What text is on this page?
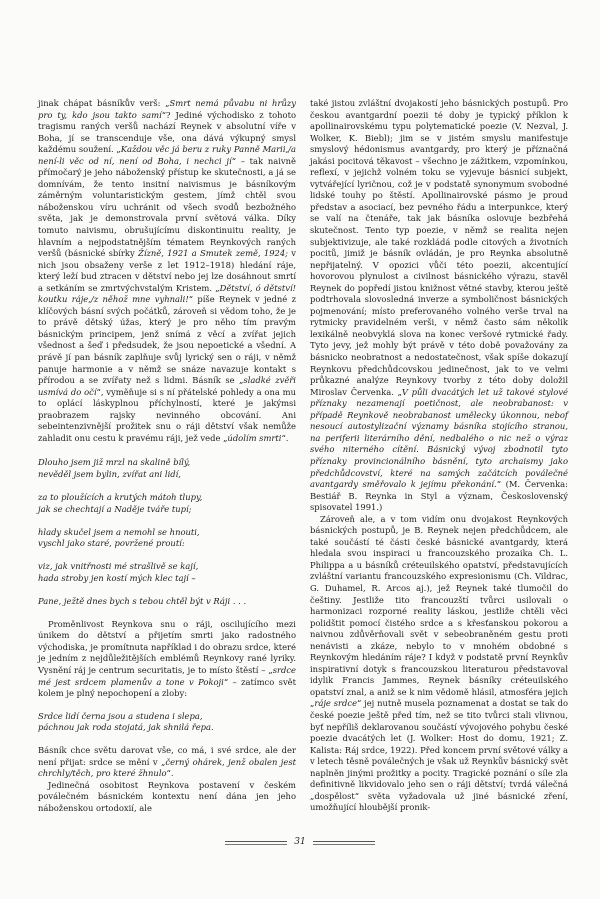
jinak chápat básníkův verš: „Smrt nemá půvabu ni hrůzy pro ty, kdo jsou takto samí“? Jediné východisko z tohoto tragismu raných veršů nachází Reynek v absolutní víře v Boha, jí se transcenduje vše, ona dává výkupný smysl každému soužení. „Každou věc já beru z ruky Panně Marii,/a není-li věc od ní, není od Boha, i nechci jí“ – tak naivně přímočarý je jeho náboženský přístup ke skutečnosti, a já se domnívám, že tento insitní naivismus je básníkovým záměrným voluntaristickým gestem, jímž chtěl svou náboženskou víru uchránit od všech svodů bezbožného světa, jak je demonstrovala první světová válka. Díky tomuto naivismu, obrušujícímu diskontinuitu reality, je hlavním a nejpodstatnějším tématem Reynkových raných veršů (básnické sbírky Žízně, 1921 a Smutek země, 1924; v nich jsou obsaženy verše z let 1912–1918) hledání ráje, který leží bud ztracen v dětství nebo jej lze dosáhnout smrtí a setkáním se zmrtvýchvstalým Kristem. „Dětství, ó dětství! koutku ráje,/z něhož mne vyhnali!“ píše Reynek v jedné z klíčových básní svých počátků, zároveň si vědom toho, že je to právě dětský úžas, který je pro něho tím pravým básnickým principem, jenž snímá z věcí a zvířat jejich všednost a šeď i předsudek, že jsou nepoetické a všední. A právě jí pan básník zaplňuje svůj lyrický sen o ráji, v němž panuje harmonie a v němž se snáze navazuje kontakt s přírodou a se zvířaty než s lidmi. Básník se „sladké zvěři usmívá do očí“, vyměňuje si s ní přátelské pohledy a ona mu to oplácí láskyplnou příchylností, které je jakýmsi praobrazem rajsky nevinného obcování. Ani sebeintenzivnější prožitek snu o ráji dětství však nemůže zahladit onu cestu k pravému ráji, jež vede „údolím smrti“.

Dlouho jsem již mrzl na skalině bílý,
nevěděl jsem bylin, zvířat ani lidí,
za to ploužících a krutých mátoh tlupy,
jak se chechtají a Naděje tváře tupí;
hlady skučel jsem a nemohl se hnouti,
vyschl jako staré, povržené proutí:
viz, jak vnitřnosti mé strašlivě se kají,
hada stroby jen kostí mých klec tají –
Pane, ježtě dnes bych s tebou chtěl být v Ráji . . .

Proměnlivost Reynkova snu o ráji, oscilujícího mezi únikem do dětství a přijetím smrti jako radostného východiska, je promítnuta například i do obrazu srdce, které je jedním z nejdůležitějších emblémů Reynkovy rané lyriky. Vysnění ráj je centrum securitatis, je to místo štěstí – „srdce mé jest srdcem plamenův a tone v Pokoji“ – zatímco svět kolem je plný nepochopení a zloby:

Srdce lidí černa jsou a studena i slepa,
páchnou jak roda stojatá, jak shnilá řepa.

Básník chce světu darovat vše, co má, i své srdce, ale der není přijat: srdce se mění v „černý ohárek, jenž obalen jest chrchly/těch, pro které žhnulo“.

Jedinečná osobitost Reynkova postavení v českém poválečném básnickém kontextu není dána jen jeho náboženskou ortodoxií, ale

také jistou zvláštní dvojakostí jeho básnických postupů. Pro českou avantgardní poezii té doby je typický příklon k apollinairovskému typu polytematické poezie (V. Nezval, J. Wolker, K. Biebl); jim se v jistém smyslu manifestuje smyslový hédonismus avantgardy, pro který je příznačná jakási pocitová těkavost – všechno je zážitkem, vzpomínkou, reflexí, v jejichž volném toku se vyjevuje básnicí subjekt, vytvářející lyričnou, což je v podstatě synonymum svobodné lidské touhy po štěstí. Apollinairovské pásmo je proud představ a asociací, bez pevného řádu a interpunkce, který se valí na čtenáře, tak jak básníka oslovuje bezbřehá skutečnost. Tento typ poezie, v němž se realita nejen subjektivizuje, ale také rozkládá podle citových a životních pocitů, jimiž je básník ovládán, je pro Reynka absolutně nepřijatelný. V opozici vůči této poezii, akcentující hovorovou plynulost a civilnost básnického výrazu, stavěl Reynek do popředí jistou knižnost větné stavby, kterou ještě podtrhovala slovosledná inverze a symboličnost básnických pojmenování; místo preferovaného volného verše trval na rytmicky pravidelném verši, v němž často sám několik lexikálně neobvyklá slova na konec veršové rytmické řady. Tyto jevy, jež mohly být právě v této době považovány za básnicko neobratnost a nedostatečnost, však spíše dokazují Reynkovu předchůdcovskou jedinečnost, jak to ve velmi průkazné analýze Reynkovy tvorby z této doby doložil Miroslav Červenka. „V půli dvacátých let už takové stylové příznaky nezamenají poetičnost, ale neobrabanost: v případě Reynkově neobrabanost umělecky úkonnou, nebof nesoucí autostylizační významy básníka stojícího stranou, na periferii literárního dění, nedbalého o nic než o výraz svého niterného cítění. Básnický vývoj zbodnotil tyto příznaky provincionálního básnění, tyto archaismy jako předchůdcovství, které na samých začátcích poválečné avantgardy směřovalo k jejímu překonání.“ (M. Červenka: Bestiář B. Reynka in Styl a význam, Československý spisovatel 1991.)

Zároveň ale, a v tom vidím onu dvojakost Reynkových básnických postupů, je B. Reynek nejen předchůdcem, ale také součástí té části české básnické avantgardy, která hledala svou inspiraci u francouzského prozaika Ch. L. Philippa a u básníků créteuilského opatství, představujících zvláštní variantu francouzského expresionismu (Ch. Vildrac, G. Duhamel, R. Arcos aj.), jež Reynek také tlumočil do češtiny. Jestliže tito francouzští tvůrci usilovali o harmonizaci rozporné reality láskou, jestliže chtěli věci polidštit pomocí čistého srdce a s křesťanskou pokorou a naivnou zdůvěrňovali svět v sebeobraněném gestu proti nenávisti a zkáze, nebylo to v mnohém obdobné s Reynkovým hledáním ráje? I když v podstatě první Reynkův inspirativní dotyk s francouzskou literaturou představoval idylik Francis Jammes, Reynek básníky créteuilského opatství znal, a aniž se k nim vědomě hlásil, atmosféra jejich „ráje srdce“ jej nutně musela poznamenat a dostat se tak do české poezie ještě před tím, než se tito tvůrci stali vlivnou, byť nepříliš deklarovanou součástí vývojového pohybu české poezie dvacátých let (J. Wolker: Host do domu, 1921; Z. Kalista: Ráj srdce, 1922). Před koncem první světové války a v letech těsně poválečných je však už Reynkův básnický svět naplněn jinými prožitky a pocity. Tragické poznání o síle zla definitivně likvidovalo jeho sen o ráji dětství; tvrdá válečná „dospělost“ světa vyžadovala už jiné básnické zření, umožňující hloubější pronik-

31
